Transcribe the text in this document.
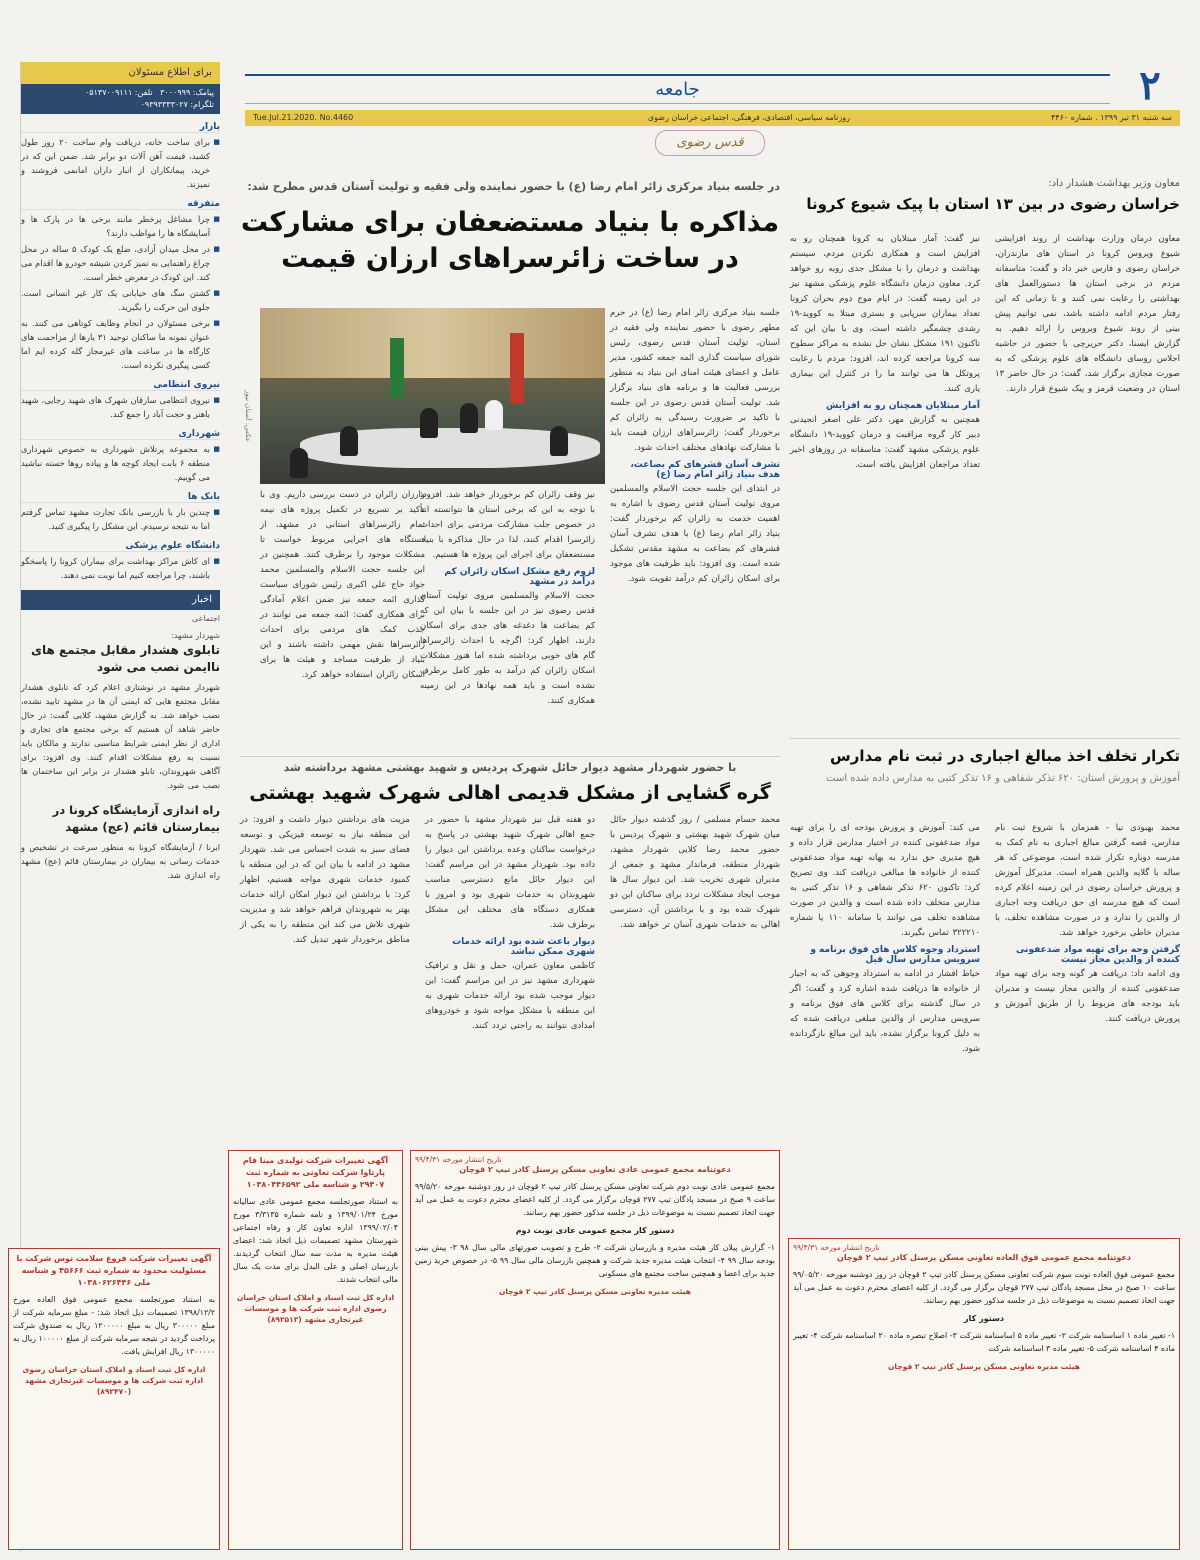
۲
جامعه
سه شنبه ۳۱ تیر ۱۳۹۹ . شماره ۴۴۶۰
روزنامه سیاسی، اقتصادی، فرهنگی، اجتماعی خراسان رضوی
Tue.Jul.21.2020. No.4460
قدس رضوی
برای اطلاع مسئولان
پیامک: ۳۰۰۰۹۹۹   تلفن: ۰۵۱۳۷۰۰۹۱۱۱
تلگرام: ۰۹۳۹۳۳۳۳۰۲۷
بازار
■ برای ساخت خانه، دریافت وام ساخت ۲۰ روز طول کشید، قیمت آهن آلات دو برابر شد. ضمن این که در خرید، پیمانکاران از انبار داران امانمی فروشند و نمیزند.
متفرقه
■ چرا مشاغل پرخطر مانند برخی ها در پارک ها و آسایشگاه ها را مواظب دارند؟
■ در محل میدان آزادی، ضلع یک کودک ۵ ساله در محل چراغ راهنمایی به تمیز کردن شیشه خودرو ها اقدام می کند. این کودک در معرض خطر است.
■ کشتن سگ های خیابانی یک کار غیر انسانی است. جلوی این حرکت را بگیرید.
■ برخی مسئولان در انجام وظایف کوتاهی می کنند. به عنوان نمونه ما ساکنان توحید ۳۱ بارها از مزاحمت های کارگاه ها در ساعت های غیرمجاز گله کرده ایم اما کسی پیگیری نکرده است.
نیروی انتظامی
■ نیروی انتظامی سارقان شهرک های شهید رجایی، شهید باهنر و حجت آباد را جمع کند.
شهرداری
■ به مجموعه پرتلاش شهرداری به خصوص شهرداری منطقه ۶ بابت ایجاد کوچه ها و پیاده روها خسته نباشید می گوییم.
بانک ها
■ چندین بار با بازرسی بانک تجارت مشهد تماس گرفتم اما به نتیجه نرسیدم. این مشکل را پیگیری کنید.
دانشگاه علوم پزشکی
■ ای کاش مراکز بهداشت برای بیماران کرونا را پاسخگو باشند، چرا مراجعه کنیم اما نوبت نمی دهند.
اخبار
اجتماعی
شهردار مشهد:
تابلوی هشدار مقابل مجتمع های ناایمن نصب می شود
شهردار مشهد در نوشتاری اعلام کرد که تابلوی هشدار مقابل مجتمع هایی که ایمنی آن ها در مشهد تایید نشده، نصب خواهد شد. به گزارش مشهد، کلایی گفت: در حال حاضر شاهد آن هستیم که برخی مجتمع های تجاری و اداری از نظر ایمنی شرایط مناسبی ندارند و مالکان باید نسبت به رفع مشکلات اقدام کنند. وی افزود: برای آگاهی شهروندان، تابلو هشدار در برابر این ساختمان ها نصب می شود.
راه اندازی آزمایشگاه کرونا در بیمارستان قائم (عج) مشهد
ایرنا / آزمایشگاه کرونا به منظور سرعت در تشخیص و خدمات رسانی به بیماران در بیمارستان قائم (عج) مشهد راه اندازی شد.
آگهی تغییرات شرکت فروغ سلامت توس شرکت با مسئولیت محدود به شماره ثبت ۴۵۶۶۶ و شناسه ملی ۱۰۳۸۰۶۲۶۴۴۶
به استناد صورتجلسه مجمع عمومی فوق العاده مورخ ۱۳۹۸/۱۲/۲ تصمیمات ذیل اتخاذ شد: - مبلغ سرمایه شرکت از مبلغ ۳۰۰۰۰۰ ریال به مبلغ ۱۲۰۰۰۰۰ ریال به صندوق شرکت پرداخت گردید در نتیجه سرمایه شرکت از مبلغ ۱۰۰۰۰۰ ریال به ۱۳۰۰۰۰۰ ریال افزایش یافت.
اداره کل ثبت اسناد و املاک استان خراسان رضوی اداره ثبت شرکت ها و موسسات غیرتجاری مشهد (۸۹۲۴۷۰)
معاون وزیر بهداشت هشدار داد:
خراسان رضوی در بین ۱۳ استان با پیک شیوع کرونا
معاون درمان وزارت بهداشت از روند افزایشی شیوع ویروس کرونا در استان های مازندران، خراسان رضوی و فارس خبر داد و گفت: متاسفانه مردم در برخی استان ها دستورالعمل های بهداشتی را رعایت نمی کنند و تا زمانی که این رفتار مردم ادامه داشته باشد، نمی توانیم پیش بینی از روند شیوع ویروس را ارائه دهیم. به گزارش ایسنا، دکتر حریرچی با حضور در حاشیه اجلاس روسای دانشگاه های علوم پزشکی که به صورت مجازی برگزار شد، گفت: در حال حاضر ۱۳ استان در وضعیت قرمز و پیک شیوع قرار دارند.
نیز گفت: آمار مبتلایان به کرونا همچنان رو به افزایش است و همکاری نکردن مردم، سیستم بهداشت و درمان را با مشکل جدی روبه رو خواهد کرد. معاون درمان دانشگاه علوم پزشکی مشهد نیز در این زمینه گفت: در ایام موج دوم بحران کرونا تعداد بیماران سرپایی و بستری مبتلا به کووید-۱۹ رشدی چشمگیر داشته است. وی با بیان این که تاکنون ۱۹۱ مشکل نشان حل نشده به مراکز سطوح سه کرونا مراجعه کرده اند، افزود: مردم با رعایت پروتکل ها می توانند ما را در کنترل این بیماری یاری کنند.
آمار مبتلایان همچنان رو به افزایش
همچنین به گزارش مهر، دکتر علی اصغر انجیدنی دبیر کار گروه مراقبت و درمان کووید-۱۹ دانشگاه علوم پزشکی مشهد گفت: متاسفانه در روزهای اخیر تعداد مراجعان افزایش یافته است.
در جلسه بنیاد مرکزی زائر امام رضا (ع) با حضور نماینده ولی فقیه و تولیت آستان قدس مطرح شد:
مذاکره با بنیاد مستضعفان برای مشارکت
در ساخت زائرسراهای ارزان قیمت
جلسه بنیاد مرکزی زائر امام رضا (ع) در حرم مطهر رضوی با حضور نماینده ولی فقیه در استان، تولیت آستان قدس رضوی، رئیس شورای سیاست گذاری ائمه جمعه کشور، مدیر عامل و اعضای هیئت امنای این بنیاد به منظور بررسی فعالیت ها و برنامه های بنیاد برگزار شد. تولیت آستان قدس رضوی در این جلسه با تاکید بر ضرورت رسیدگی به زائران کم برخوردار گفت: زائرسراهای ارزان قیمت باید با مشارکت نهادهای مختلف احداث شود.
تشرف آسان قشرهای کم بضاعت، هدف بنیاد زائر امام رضا (ع)
در ابتدای این جلسه حجت الاسلام والمسلمین مروی تولیت آستان قدس رضوی با اشاره به اهمیت خدمت به زائران کم برخوردار گفت: بنیاد زائر امام رضا (ع) با هدف تشرف آسان قشرهای کم بضاعت به مشهد مقدس تشکیل شده است. وی افزود: باید ظرفیت های موجود برای اسکان زائران کم درآمد تقویت شود.
عکس: آستان نیوز
نیز وقف زائران کم برخوردار خواهد شد. افزود: با توجه به این که برخی استان ها نتوانسته اند در خصوص جلب مشارکت مردمی برای احداث زائرسرا اقدام کنند، لذا در حال مذاکره با بنیاد مستضعفان برای اجرای این پروژه ها هستیم.
لزوم رفع مشکل اسکان زائران کم درآمد در مشهد
حجت الاسلام والمسلمین مروی تولیت آستان قدس رضوی نیز در این جلسه با بیان این که کم بضاعت ها دغدغه های جدی برای اسکان دارند، اظهار کرد: اگرچه با احداث زائرسراها گام های خوبی برداشته شده اما هنوز مشکلات اسکان زائران کم درآمد به طور کامل برطرف نشده است و باید همه نهادها در این زمینه همکاری کنند.
وارزان زائران در دست بررسی داریم. وی با تأکید بر تسریع در تکمیل پروژه های نیمه تمام زائرسراهای استانی در مشهد، از دستگاه های اجرایی مربوط خواست تا مشکلات موجود را برطرف کنند. همچنین در این جلسه حجت الاسلام والمسلمین محمد جواد حاج علی اکبری رئیس شورای سیاست گذاری ائمه جمعه نیز ضمن اعلام آمادگی برای همکاری گفت: ائمه جمعه می توانند در جذب کمک های مردمی برای احداث زائرسراها نقش مهمی داشته باشند و این بنیاد از ظرفیت مساجد و هیئت ها برای اسکان زائران استفاده خواهد کرد.
تکرار تخلف اخذ مبالغ اجباری در ثبت نام مدارس
آموزش و پرورش استان: ۶۲۰ تذکر شفاهی و ۱۶ تذکر کتبی به مدارس داده شده است
محمد بهبودی نیا - همزمان با شروع ثبت نام مدارس، قصه گرفتن مبالغ اجباری به نام کمک به مدرسه دوباره تکرار شده است، موضوعی که هر ساله با گلایه والدین همراه است. مدیرکل آموزش و پرورش خراسان رضوی در این زمینه اعلام کرده است که هیچ مدرسه ای حق دریافت وجه اجباری از والدین را ندارد و در صورت مشاهده تخلف، با مدیران خاطی برخورد خواهد شد.
گرفتن وجه برای تهیه مواد ضدعفونی کننده از والدین مجاز نیست
وی ادامه داد: دریافت هر گونه وجه برای تهیه مواد ضدعفونی کننده از والدین مجاز نیست و مدیران باید بودجه های مربوط را از طریق آموزش و پرورش دریافت کنند.
می کند: آموزش و پرورش بودجه ای را برای تهیه مواد ضدعفونی کننده در اختیار مدارس قرار داده و هیچ مدیری حق ندارد به بهانه تهیه مواد ضدعفونی کننده از خانواده ها مبالغی دریافت کند. وی تصریح کرد: تاکنون ۶۲۰ تذکر شفاهی و ۱۶ تذکر کتبی به مدارس متخلف داده شده است و والدین در صورت مشاهده تخلف می توانند با سامانه ۱۱۰ یا شماره ۳۲۲۲۱۰ تماس بگیرند.
استرداد وجوه کلاس های فوق برنامه و سرویس مدارس سال قبل
خیاط افشار در ادامه به استرداد وجوهی که به اجبار از خانواده ها دریافت شده اشاره کرد و گفت: اگر در سال گذشته برای کلاس های فوق برنامه و سرویس مدارس از والدین مبلغی دریافت شده که به دلیل کرونا برگزار نشده، باید این مبالغ بازگردانده شود.
با حضور شهردار مشهد دیوار حائل شهرک پردیس و شهید بهشتی مشهد برداشته شد
گره گشایی از مشکل قدیمی اهالی شهرک شهید بهشتی
محمد حسام مسلمی / روز گذشته دیوار حائل میان شهرک شهید بهشتی و شهرک پردیس با حضور محمد رضا کلایی شهردار مشهد، شهردار منطقه، فرماندار مشهد و جمعی از مدیران شهری تخریب شد. این دیوار سال ها موجب ایجاد مشکلات تردد برای ساکنان این دو شهرک شده بود و با برداشتن آن، دسترسی اهالی به خدمات شهری آسان تر خواهد شد.
دو هفته قبل نیز شهردار مشهد با حضور در جمع اهالی شهرک شهید بهشتی در پاسخ به درخواست ساکنان وعده برداشتن این دیوار را داده بود. شهردار مشهد در این مراسم گفت: این دیوار حائل مانع دسترسی مناسب شهروندان به خدمات شهری بود و امروز با همکاری دستگاه های مختلف این مشکل برطرف شد.
دیوار باعث شده بود ارائه خدمات شهری ممکن نباشد
کاظمی معاون عمران، حمل و نقل و ترافیک شهرداری مشهد نیز در این مراسم گفت: این دیوار موجب شده بود ارائه خدمات شهری به این منطقه با مشکل مواجه شود و خودروهای امدادی نتوانند به راحتی تردد کنند.
مزیت های برداشتن دیوار داشت و افزود: در این منطقه نیاز به توسعه فیزیکی و توسعه فضای سبز به شدت احساس می شد. شهردار مشهد در ادامه با بیان این که در این منطقه با کمبود خدمات شهری مواجه هستیم، اظهار کرد: با برداشتن این دیوار امکان ارائه خدمات بهتر به شهروندان فراهم خواهد شد و مدیریت شهری تلاش می کند این منطقه را به یکی از مناطق برخوردار شهر تبدیل کند.
آگهی تغییرات شرکت تولیدی مینا فام پارتاوا شرکت تعاونی به شماره ثبت ۲۹۴۰۷ و شناسه ملی ۱۰۳۸۰۴۴۶۵۹۲
به استناد صورتجلسه مجمع عمومی عادی سالیانه مورخ ۱۳۹۹/۰۱/۲۴ و نامه شماره ۳/۳۱۳۵ مورخ ۱۳۹۹/۰۲/۰۴ اداره تعاون کار و رفاه اجتماعی شهرستان مشهد تصمیمات ذیل اتخاذ شد: اعضای هیئت مدیره به مدت سه سال انتخاب گردیدند. بازرسان اصلی و علی البدل برای مدت یک سال مالی انتخاب شدند.
اداره کل ثبت اسناد و املاک استان خراسان رضوی اداره ثبت شرکت ها و موسسات غیرتجاری مشهد (۸۹۲۵۱۲)
تاریخ انتشار مورخه ۹۹/۴/۳۱
دعوتنامه مجمع عمومی عادی تعاونی مسکن پرسنل کادر تیپ ۲ قوچان
مجمع عمومی عادی نوبت دوم شرکت تعاونی مسکن پرسنل کادر تیپ ۲ قوچان در روز دوشنبه مورخه ۹۹/۵/۲۰ ساعت ۹ صبح در مسجد پادگان تیپ ۲۷۷ قوچان برگزار می گردد. از کلیه اعضای محترم دعوت به عمل می آید جهت اتخاذ تصمیم نسبت به موضوعات ذیل در جلسه مذکور حضور بهم رسانند.
دستور کار مجمع عمومی عادی نوبت دوم
۱- گزارش پیلان کار هیئت مدیره و بازرسان شرکت ۲- طرح و تصویب صورتهای مالی سال ۹۸ ۳- پیش بینی بودجه سال ۹۹ ۴- انتخاب هیئت مدیره جدید شرکت و همچنین بازرسان مالی سال ۹۹ ۵- در خصوص خرید زمین جدید برای اعضا و همچنین ساخت مجتمع های مسکونی
هیئت مدیره تعاونی مسکن پرسنل کادر تیپ ۲ قوچان
تاریخ انتشار مورخه ۹۹/۴/۳۱
دعوتنامه مجمع عمومی فوق العاده تعاونی مسکن پرسنل کادر تیپ ۲ قوچان
مجمع عمومی فوق العاده نوبت سوم شرکت تعاونی مسکن پرسنل کادر تیپ ۲ قوچان در روز دوشنبه مورخه ۹۹/۰۵/۲۰ ساعت ۱۰ صبح در محل مسجد پادگان تیپ ۲۷۷ قوچان برگزار می گردد. از کلیه اعضای محترم دعوت به عمل می آید جهت اتخاذ تصمیم نسبت به موضوعات ذیل در جلسه مذکور حضور بهم رسانند.
دستور کار
۱- تغییر ماده ۱ اساسنامه شرکت ۲- تغییر ماده ۵ اساسنامه شرکت ۳- اصلاح تبصره ماده ۲۰ اساسنامه شرکت ۴- تغییر ماده ۴ اساسنامه شرکت ۵- تغییر ماده ۳ اساسنامه شرکت
هیئت مدیره تعاونی مسکن پرسنل کادر تیپ ۲ قوچان
